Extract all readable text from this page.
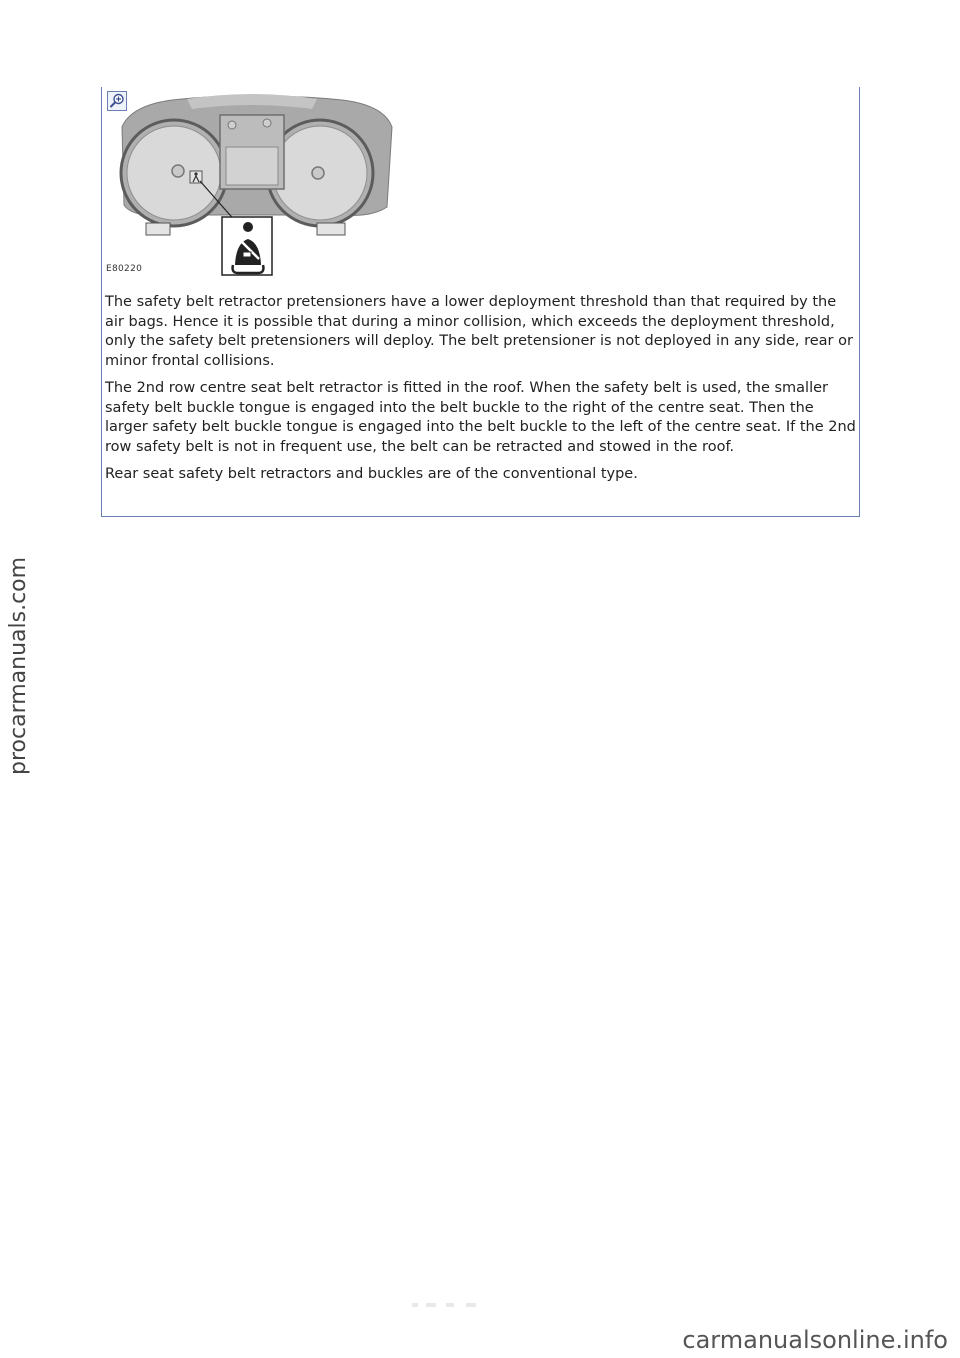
E80220

The safety belt retractor pretensioners have a lower deployment threshold than that required by the air bags. Hence it is possible that during a minor collision, which exceeds the deployment threshold, only the safety belt pretensioners will deploy. The belt pretensioner is not deployed in any side, rear or minor frontal collisions.

The 2nd row centre seat belt retractor is fitted in the roof. When the safety belt is used, the smaller safety belt buckle tongue is engaged into the belt buckle to the right of the centre seat. Then the larger safety belt buckle tongue is engaged into the belt buckle to the left of the centre seat. If the 2nd row safety belt is not in frequent use, the belt can be retracted and stowed in the roof.

Rear seat safety belt retractors and buckles are of the conventional type.

procarmanuals.com
carmanualsonline.info
